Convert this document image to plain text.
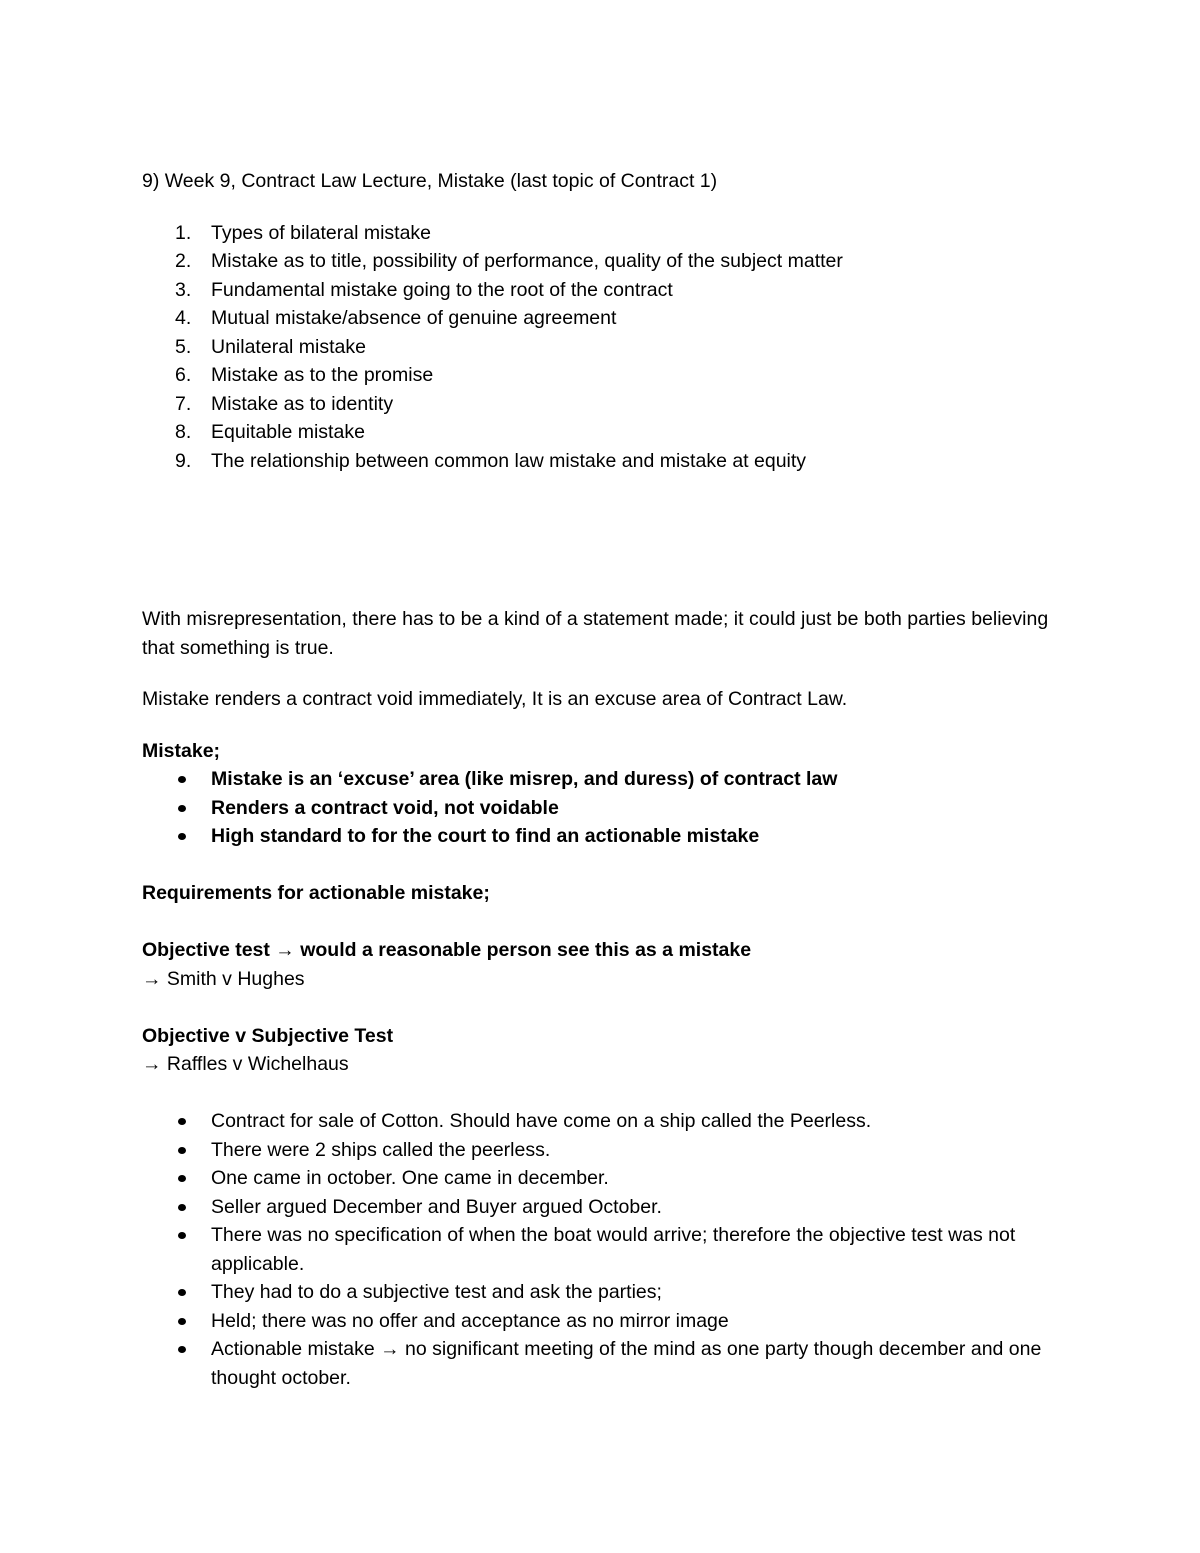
9) Week 9, Contract Law Lecture, Mistake (last topic of Contract 1)

Types of bilateral mistake
Mistake as to title, possibility of performance, quality of the subject matter
Fundamental mistake going to the root of the contract
Mutual mistake/absence of genuine agreement
Unilateral mistake
Mistake as to the promise
Mistake as to identity
Equitable mistake
The relationship between common law mistake and mistake at equity

With misrepresentation, there has to be a kind of a statement made; it could just be both parties believing that something is true.

Mistake renders a contract void immediately, It is an excuse area of Contract Law.

Mistake;

Mistake is an ‘excuse’ area (like misrep, and duress) of contract law
Renders a contract void, not voidable
High standard to for the court to find an actionable mistake

Requirements for actionable mistake;

Objective test → would a reasonable person see this as a mistake

→ Smith v Hughes

Objective v Subjective Test

→ Raffles v Wichelhaus

Contract for sale of Cotton. Should have come on a ship called the Peerless.
There were 2 ships called the peerless.
One came in october. One came in december.
Seller argued December and Buyer argued October.
There was no specification of when the boat would arrive; therefore the objective test was not applicable.
They had to do a subjective test and ask the parties;
Held; there was no offer and acceptance as no mirror image
Actionable mistake → no significant meeting of the mind as one party though december and one thought october.
